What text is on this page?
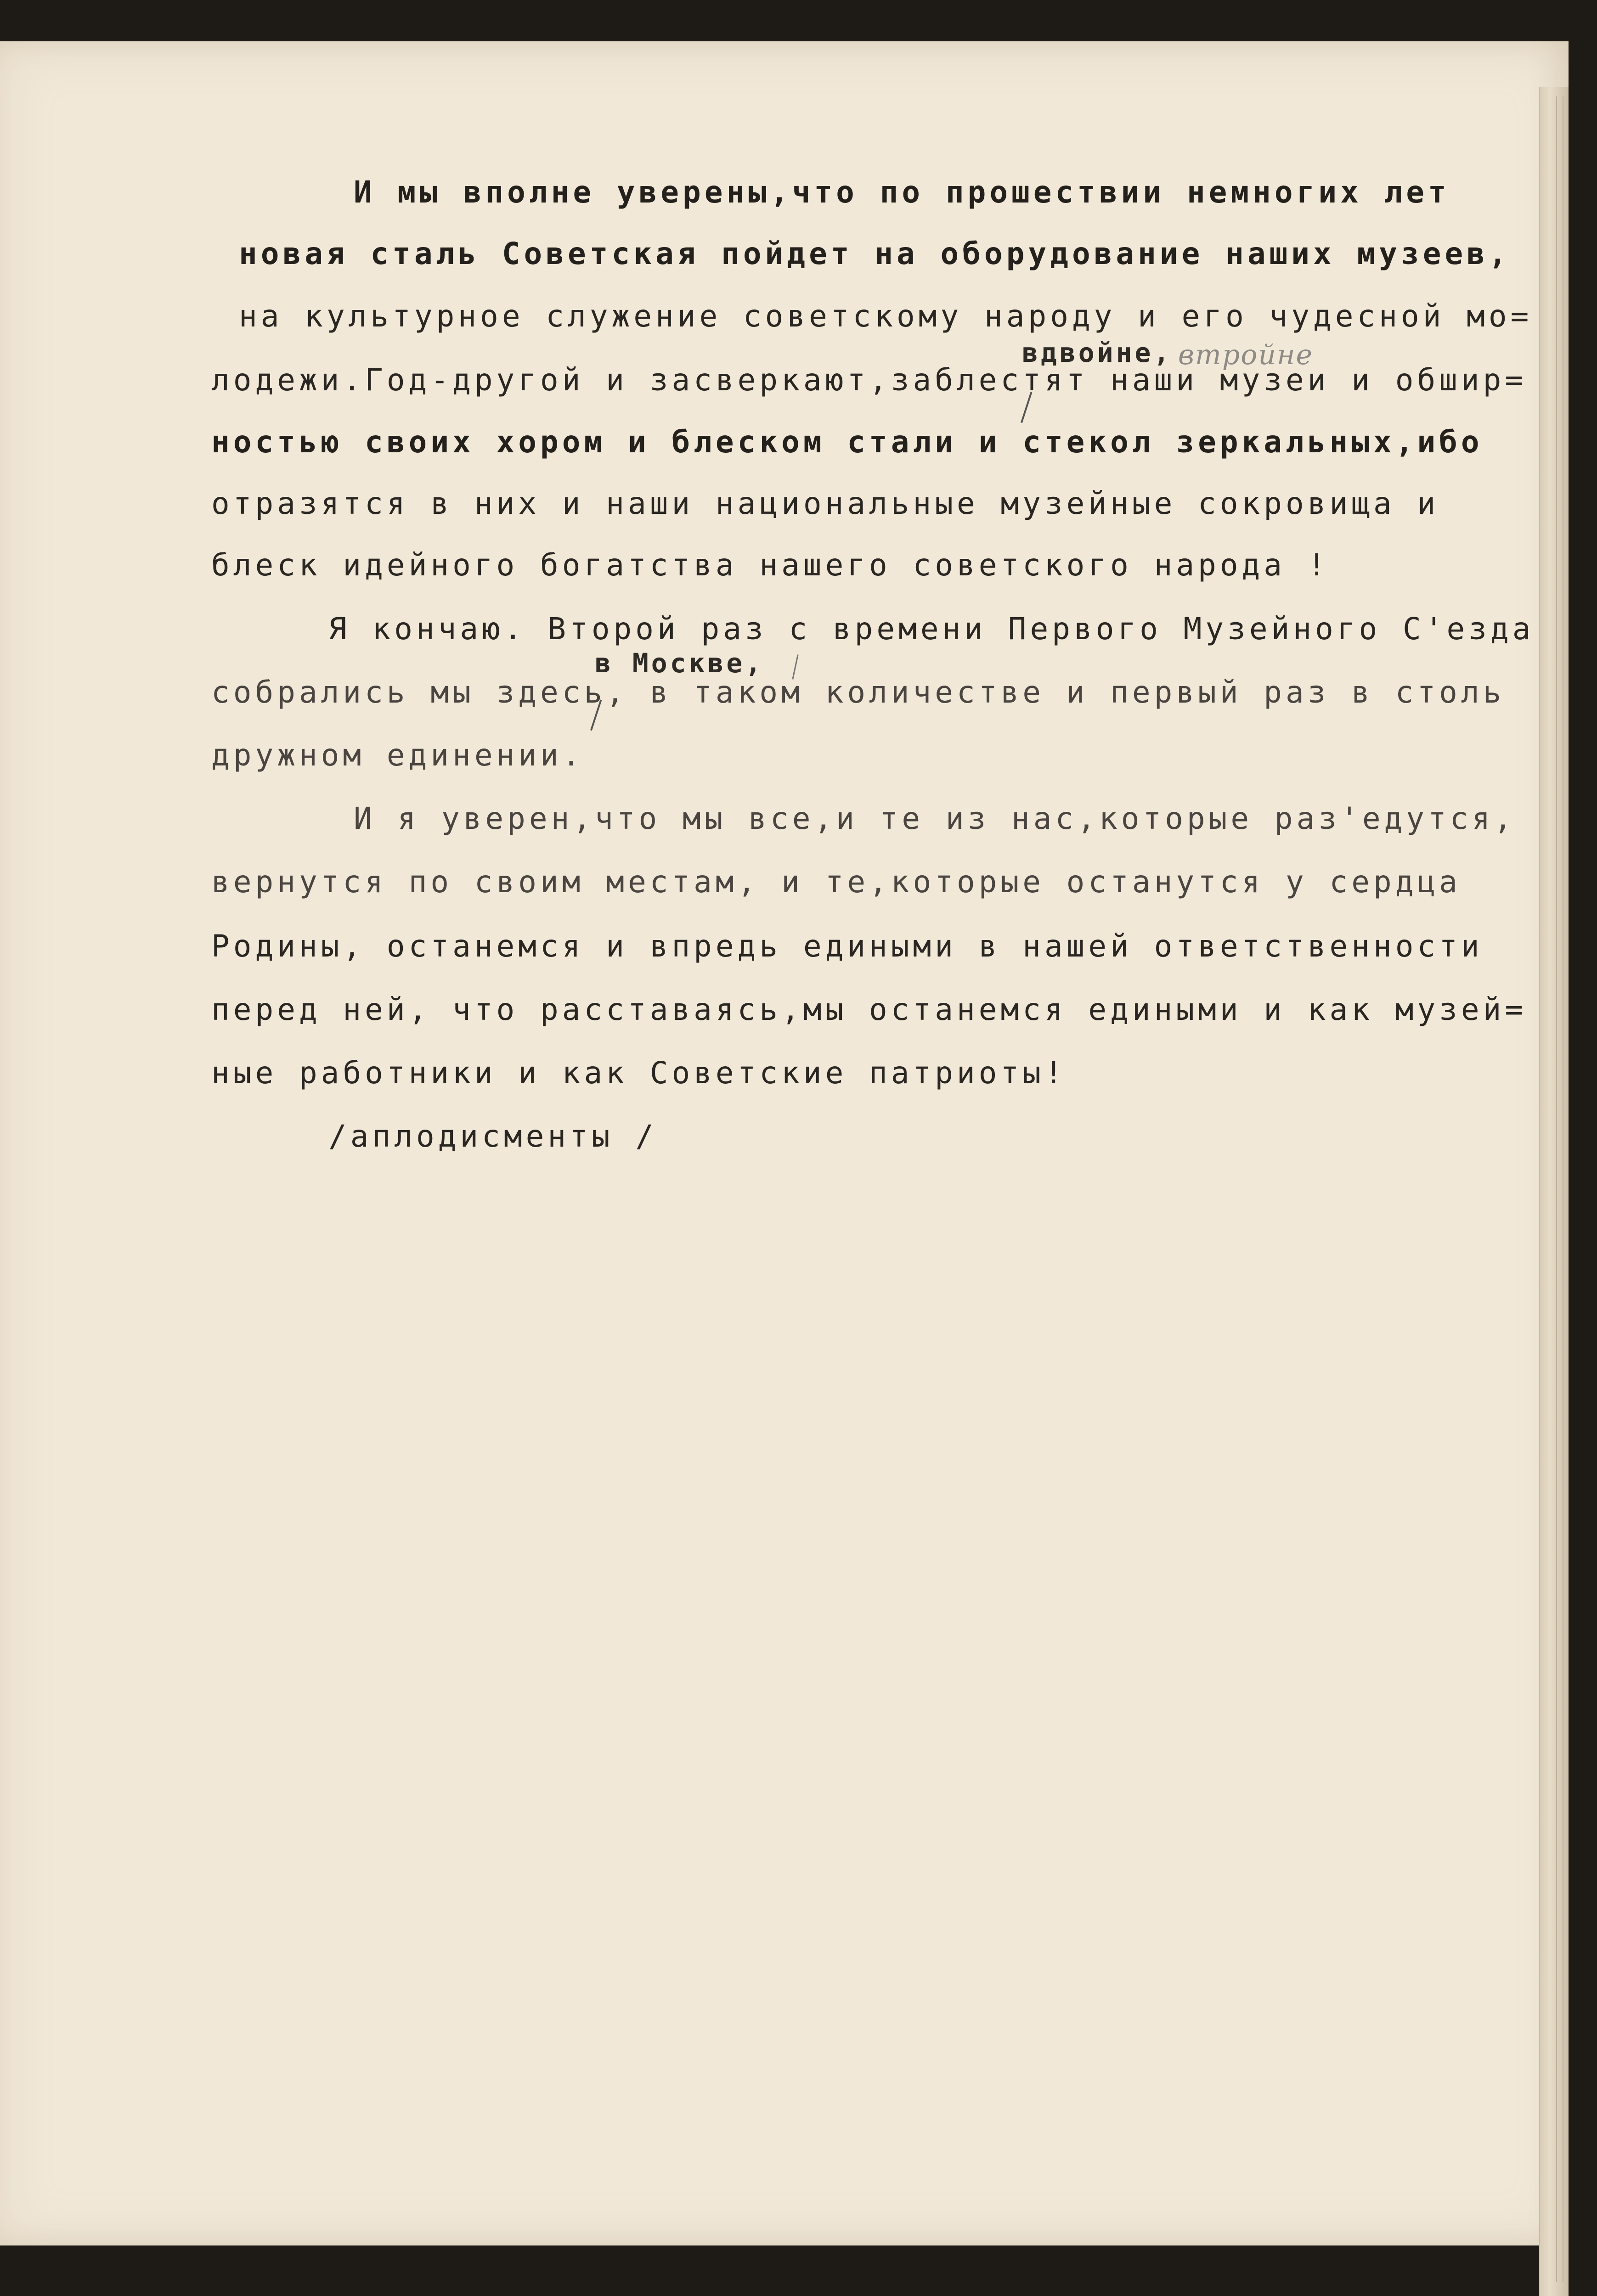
И мы вполне уверены,что по прошествии немногих лет
новая сталь Советская пойдет на оборудование наших музеев,
на культурное служение советскому народу и его чудесной мо=
вдвойне, втройне
лодежи.Год-другой и засверкают,заблестят наши музеи и обшир=
ностью своих хором и блеском стали и стекол зеркальных,ибо
отразятся в них и наши национальные музейные сокровища и
блеск идейного богатства нашего советского народа !
Я кончаю. Второй раз с времени Первого Музейного С'езда
в Москве,
собрались мы здесь, в таком количестве и первый раз в столь
дружном единении.
И я уверен,что мы все,и те из нас,которые раз'едутся,
вернутся по своим местам, и те,которые останутся у сердца
Родины, останемся и впредь едиными в нашей ответственности
перед ней, что расставаясь,мы останемся едиными и как музей=
ные работники и как Советские патриоты!
/аплодисменты /
